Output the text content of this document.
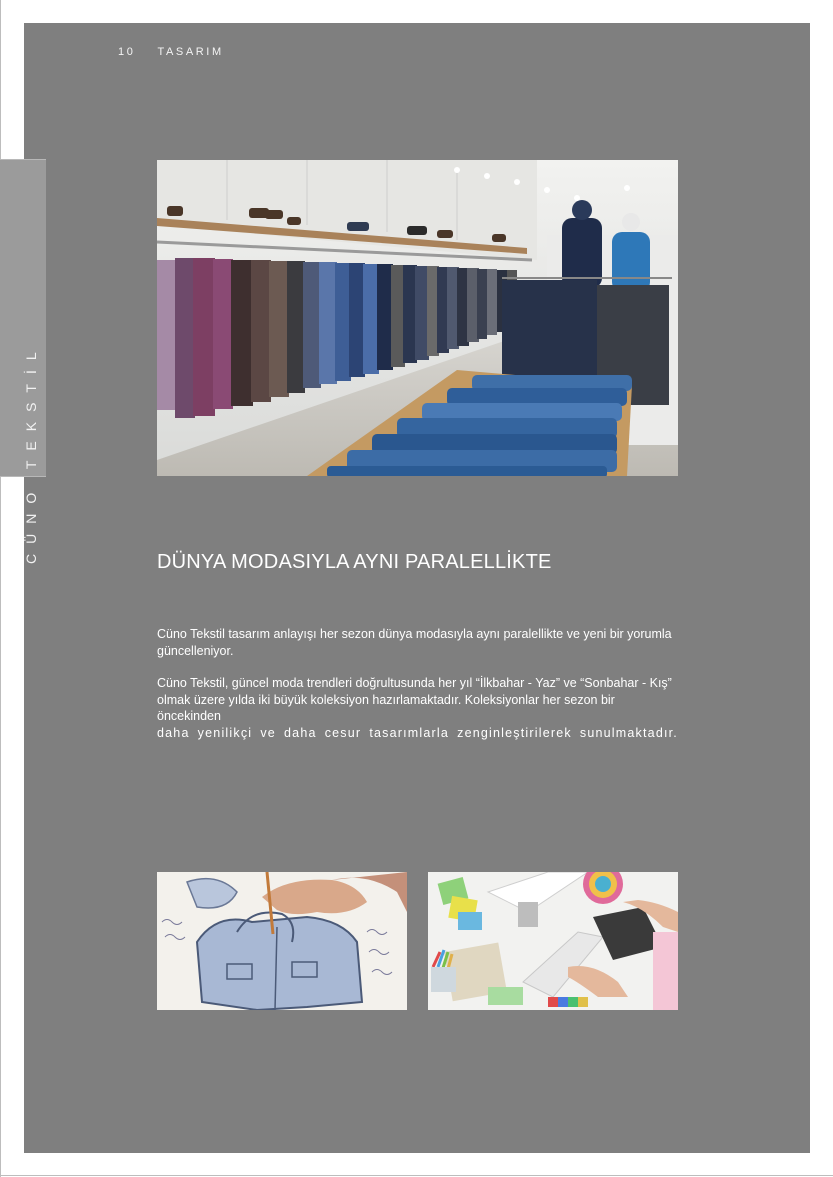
CÜNO TEKSTİL
10 TASARIM
DÜNYA MODASIYLA AYNI PARALELLİKTE

Cüno Tekstil tasarım anlayışı her sezon dünya modasıyla aynı paralellikte ve yeni bir yorumla güncelleniyor.

Cüno Tekstil, güncel moda trendleri doğrultusunda her yıl “İlkbahar - Yaz” ve “Sonbahar - Kış” olmak üzere yılda iki büyük koleksiyon hazırlamaktadır. Koleksiyonlar her sezon bir öncekinden

daha yenilikçi ve daha cesur tasarımlarla zenginleştirilerek sunulmaktadır.
